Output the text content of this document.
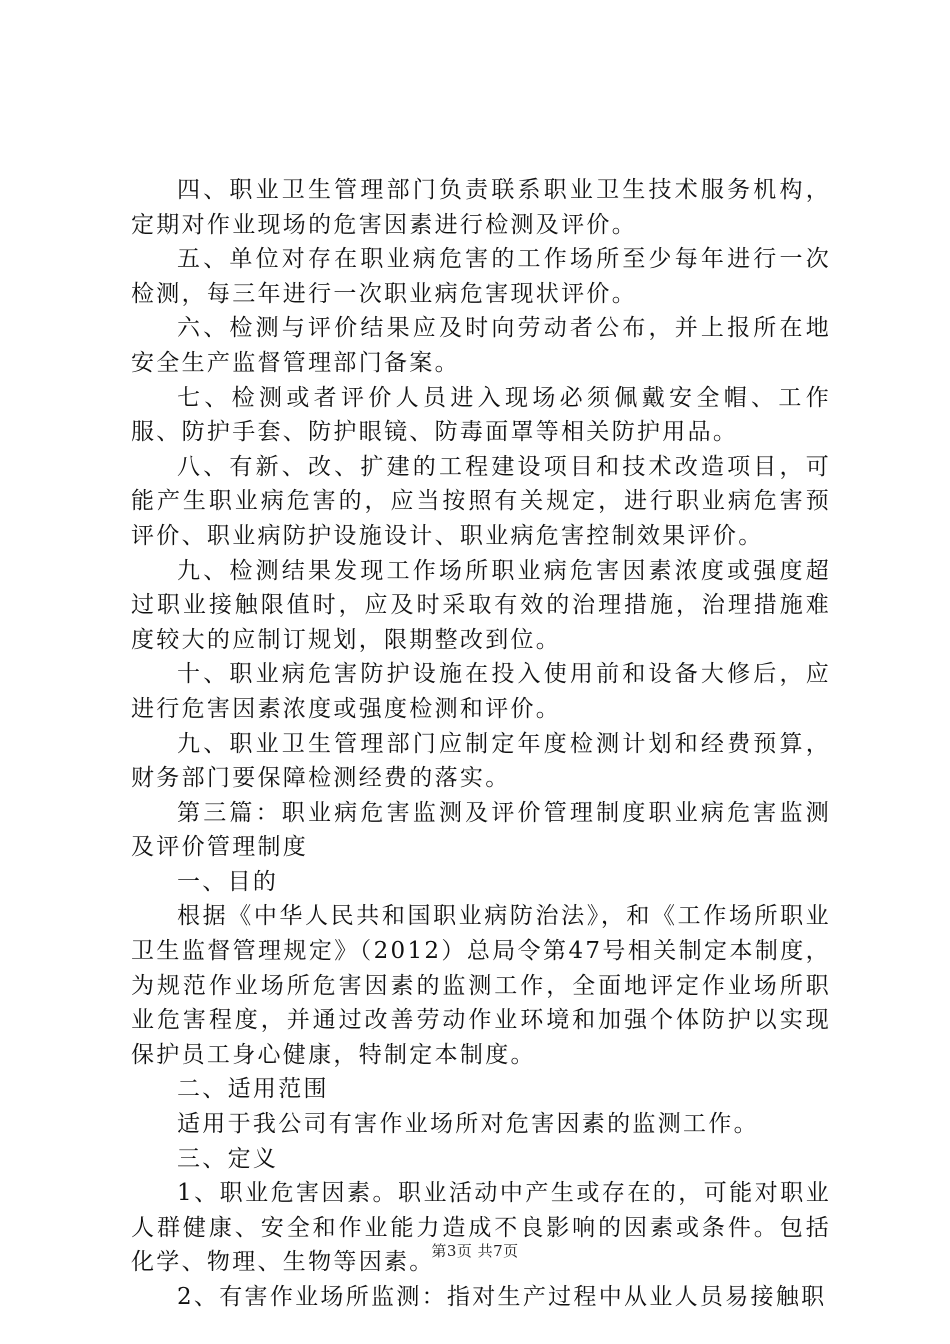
四、职业卫生管理部门负责联系职业卫生技术服务机构，定期对作业现场的危害因素进行检测及评价。

五、单位对存在职业病危害的工作场所至少每年进行一次检测，每三年进行一次职业病危害现状评价。

六、检测与评价结果应及时向劳动者公布，并上报所在地安全生产监督管理部门备案。

七、检测或者评价人员进入现场必须佩戴安全帽、工作服、防护手套、防护眼镜、防毒面罩等相关防护用品。

八、有新、改、扩建的工程建设项目和技术改造项目，可能产生职业病危害的，应当按照有关规定，进行职业病危害预评价、职业病防护设施设计、职业病危害控制效果评价。

九、检测结果发现工作场所职业病危害因素浓度或强度超过职业接触限值时，应及时采取有效的治理措施，治理措施难度较大的应制订规划，限期整改到位。

十、职业病危害防护设施在投入使用前和设备大修后，应进行危害因素浓度或强度检测和评价。

九、职业卫生管理部门应制定年度检测计划和经费预算，财务部门要保障检测经费的落实。

第三篇：职业病危害监测及评价管理制度职业病危害监测及评价管理制度

一、目的

根据《中华人民共和国职业病防治法》，和《工作场所职业卫生监督管理规定》（2012）总局令第47号相关制定本制度，为规范作业场所危害因素的监测工作，全面地评定作业场所职业危害程度，并通过改善劳动作业环境和加强个体防护以实现保护员工身心健康，特制定本制度。

二、适用范围

适用于我公司有害作业场所对危害因素的监测工作。

三、定义

1、职业危害因素。职业活动中产生或存在的，可能对职业人群健康、安全和作业能力造成不良影响的因素或条件。包括化学、物理、生物等因素。

2、有害作业场所监测：指对生产过程中从业人员易接触职

第3页 共7页
